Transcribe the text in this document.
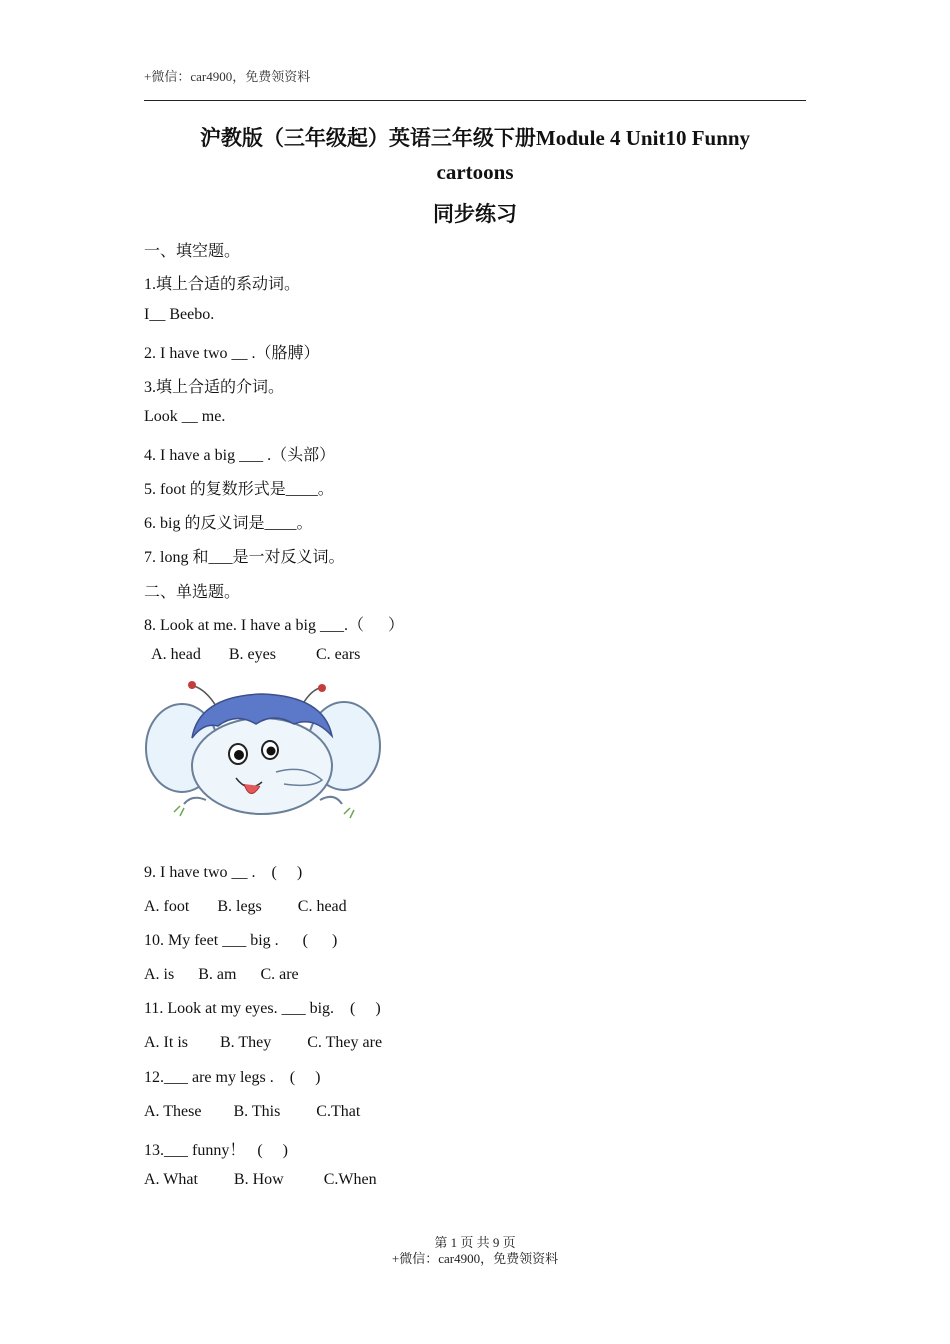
+微信：car4900，免费领资料
沪教版（三年级起）英语三年级下册Module 4 Unit10 Funny
cartoons
同步练习
一、填空题。
1.填上合适的系动词。
I__ Beebo.
2. I have two __ .（胳膊）
3.填上合适的介词。
Look __ me.
4. I have a big ___ .（头部）
5. foot 的复数形式是____。
6. big 的反义词是____。
7. long 和___是一对反义词。
二、单选题。
8. Look at me. I have a big ___.（      ）
A. head       B. eyes          C. ears
9. I have two __ .    (     )
A. foot       B. legs         C. head
10. My feet ___ big .      (      )
A. is      B. am      C. are
11. Look at my eyes. ___ big.    (     )
A. It is        B. They         C. They are
12.___ are my legs .    (     )
A. These        B. This         C.That
13.___ funny！   (     )
A. What         B. How          C.When
第 1 页 共 9 页
+微信：car4900，免费领资料
